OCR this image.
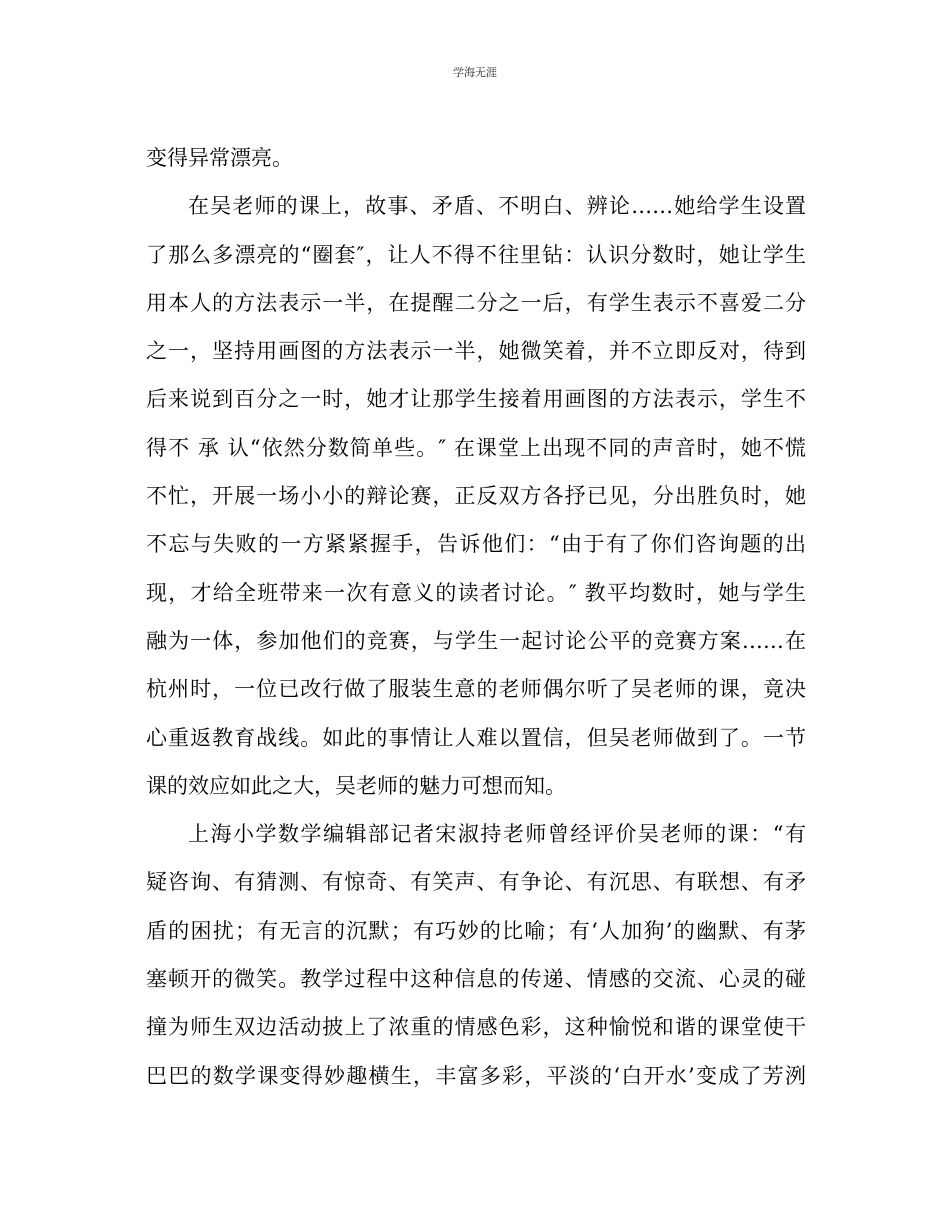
学海无涯
变得异常漂亮。
在吴老师的课上，故事、矛盾、不明白、辨论……她给学生设置
了那么多漂亮的“圈套″，让人不得不往里钻：认识分数时，她让学生
用本人的方法表示一半，在提醒二分之一后，有学生表示不喜爱二分
之一，坚持用画图的方法表示一半，她微笑着，并不立即反对，待到
后来说到百分之一时，她才让那学生接着用画图的方法表示，学生不
得不 承 认“依然分数简单些。″ 在课堂上出现不同的声音时，她不慌
不忙，开展一场小小的辩论赛，正反双方各抒已见，分出胜负时，她
不忘与失败的一方紧紧握手，告诉他们：“由于有了你们咨询题的出
现，才给全班带来一次有意义的读者讨论。″ 教平均数时，她与学生
融为一体，参加他们的竞赛，与学生一起讨论公平的竞赛方案……在
杭州时，一位已改行做了服装生意的老师偶尔听了吴老师的课，竟决
心重返教育战线。如此的事情让人难以置信，但吴老师做到了。一节
课的效应如此之大，吴老师的魅力可想而知。
上海小学数学编辑部记者宋淑持老师曾经评价吴老师的课：“有
疑咨询、有猜测、有惊奇、有笑声、有争论、有沉思、有联想、有矛
盾的困扰；有无言的沉默；有巧妙的比喻；有‘人加狗’的幽默、有茅
塞顿开的微笑。教学过程中这种信息的传递、情感的交流、心灵的碰
撞为师生双边活动披上了浓重的情感色彩，这种愉悦和谐的课堂使干
巴巴的数学课变得妙趣横生，丰富多彩，平淡的‘白开水’变成了芳洌
